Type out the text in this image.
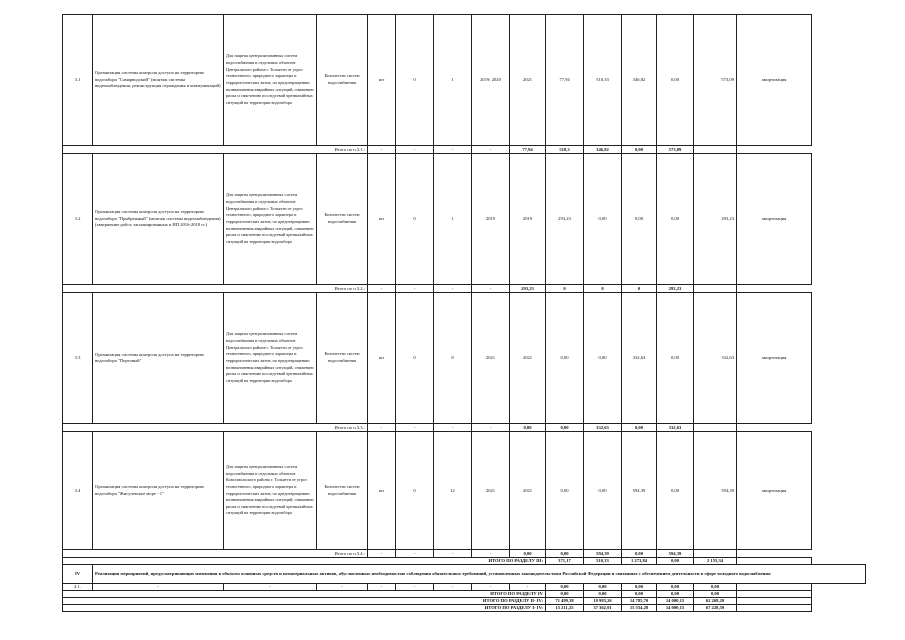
3.1	Организация системы контроля доступа на территорию водозабора "Самарводский" (монтаж системы видеонаблюдения, реконструкция ограждения и коммуникаций)	Для защиты централизованных систем водоснабжения и отдельных объектов Центрального района г. Тольятти от угроз техногенного, природного характера и террористических актов, по предотвращению возникновения аварийных ситуаций, снижению риска и смягчению последствий чрезвычайных ситуаций на территории водозабора	Количество систем водоснабжения	шт	0	1	2019; 2020	2021	77,94	510,33	346,82	0,00	573,09	амортизация
Итого по п.3.1.:				-	-	-	-	77,94	510,3	346,82	0,00	573,09		
3.2	Организация системы контроля доступа на территорию водозабора "Прибрежный" (монтаж системы видеонаблюдения) (завершение работ, запланированных в ИП 2016-2018 гг.)	Для защиты централизованных систем водоснабжения и отдельных объектов Центрального района г. Тольятти от угроз техногенного, природного характера и террористических актов, по предотвращению возникновения аварийных ситуаций, снижению риска и смягчению последствий чрезвычайных ситуаций на территории водозабора	Количество систем водоснабжения	шт	0	1	2019	2019	293,23	0,00	0,00	0,00	293,23	амортизация
Итого по п.3.2.:				-	-	-	-	293,23	0	0	0	293,23		
3.3	Организация системы контроля доступа на территорию водозабора "Портовый"	Для защиты централизованных систем водоснабжения и отдельных объектов Центрального района г. Тольятти от угроз техногенного, природного характера и террористических актов, по предотвращению возникновения аварийных ситуаций, снижению риска и смягчению последствий чрезвычайных ситуаций на территории водозабора	Количество систем водоснабжения	шт	0	8	2021	2021	0,00	0,00	332,63	0,00	332,63	амортизация
Итого по п.3.3.:				-	-	-	-	0,00	0,00	332,63	0,00	332,63		
3.4	Организация системы контроля доступа на территорию водозабора "Жигулевское море - 1"	Для защиты централизованных систем водоснабжения и отдельных объектов Комсомольского района г. Тольятти от угроз техногенного, природного характера и террористических актов, по предотвращению возникновения аварийных ситуаций, снижению риска и смягчению последствий чрезвычайных ситуаций на территории водозабора	Количество систем водоснабжения	шт	0	12	2021	2021	0,00	0,00	594,39	0,00	594,39	амортизация
Итого по п.3.4.:				-	-	-	-	0,00	0,00	594,39	0,00	594,39		
ИТОГО ПО РАЗДЕЛУ III:									371,17	510,33	1 273,84	0,00	2 155,34	
IV	Реализация мероприятий, предусматривающих изменения в объекты основных средств и нематериальных активов, обусловленных необходимостью соблюдения обязательных требований, установленных законодательством Российской Федерации и связанных с обеспечением деятельности в сфере холодного водоснабжения													
4.1.	-	-	-	-	-	-	-	-	0,00	0,00	0,00	0,00	0,00	
ИТОГО ПО РАЗДЕЛУ IV									0,00	0,00	0,00	0,00	0,00	
ИТОГО ПО РАЗДЕЛУ II- IV:									71 499,38	19 983,26	14 785,70	14 000,15	62 268,29	
ИТОГО ПО РАЗДЕЛУ I- IV:									15 211,25	37 362,91	15 554,28	14 000,15	67 228,59	
